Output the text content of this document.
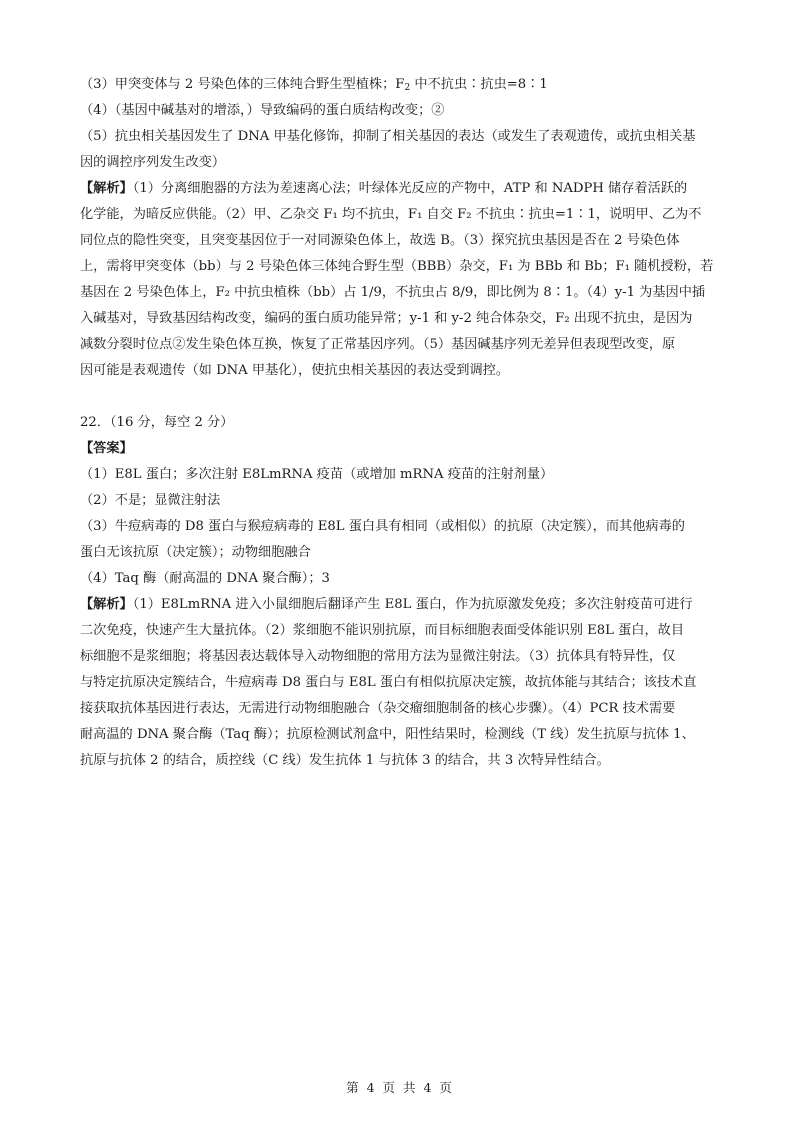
（3）甲突变体与 2 号染色体的三体纯合野生型植株；$F_2$ 中不抗虫∶抗虫=8∶1
（4）（基因中碱基对的增添，）导致编码的蛋白质结构改变；②
（5）抗虫相关基因发生了 DNA 甲基化修饰，抑制了相关基因的表达（或发生了表观遗传，或抗虫相关基
因的调控序列发生改变）
【解析】（1）分离细胞器的方法为差速离心法；叶绿体光反应的产物中，ATP 和 NADPH 储存着活跃的
化学能，为暗反应供能。（2）甲、乙杂交 F₁ 均不抗虫，F₁ 自交 F₂ 不抗虫∶抗虫=1∶1，说明甲、乙为不
同位点的隐性突变，且突变基因位于一对同源染色体上，故选 B。（3）探究抗虫基因是否在 2 号染色体
上，需将甲突变体（bb）与 2 号染色体三体纯合野生型（BBB）杂交，F₁ 为 BBb 和 Bb；F₁ 随机授粉，若
基因在 2 号染色体上，F₂ 中抗虫植株（bb）占 1/9，不抗虫占 8/9，即比例为 8∶1。（4）y-1 为基因中插
入碱基对，导致基因结构改变，编码的蛋白质功能异常；y-1 和 y-2 纯合体杂交，F₂ 出现不抗虫，是因为
减数分裂时位点②发生染色体互换，恢复了正常基因序列。（5）基因碱基序列无差异但表现型改变，原
因可能是表观遗传（如 DNA 甲基化），使抗虫相关基因的表达受到调控。
22．（16 分，每空 2 分）
【答案】
（1）E8L 蛋白；多次注射 E8LmRNA 疫苗（或增加 mRNA 疫苗的注射剂量）
（2）不是；显微注射法
（3）牛痘病毒的 D8 蛋白与猴痘病毒的 E8L 蛋白具有相同（或相似）的抗原（决定簇），而其他病毒的
蛋白无该抗原（决定簇）；动物细胞融合
（4）Taq 酶（耐高温的 DNA 聚合酶）；3
【解析】（1）E8LmRNA 进入小鼠细胞后翻译产生 E8L 蛋白，作为抗原激发免疫；多次注射疫苗可进行
二次免疫，快速产生大量抗体。（2）浆细胞不能识别抗原，而目标细胞表面受体能识别 E8L 蛋白，故目
标细胞不是浆细胞；将基因表达载体导入动物细胞的常用方法为显微注射法。（3）抗体具有特异性，仅
与特定抗原决定簇结合，牛痘病毒 D8 蛋白与 E8L 蛋白有相似抗原决定簇，故抗体能与其结合；该技术直
接获取抗体基因进行表达，无需进行动物细胞融合（杂交瘤细胞制备的核心步骤）。（4）PCR 技术需要
耐高温的 DNA 聚合酶（Taq 酶）；抗原检测试剂盒中，阳性结果时，检测线（T 线）发生抗原与抗体 1、
抗原与抗体 2 的结合，质控线（C 线）发生抗体 1 与抗体 3 的结合，共 3 次特异性结合。
第 4 页 共 4 页
